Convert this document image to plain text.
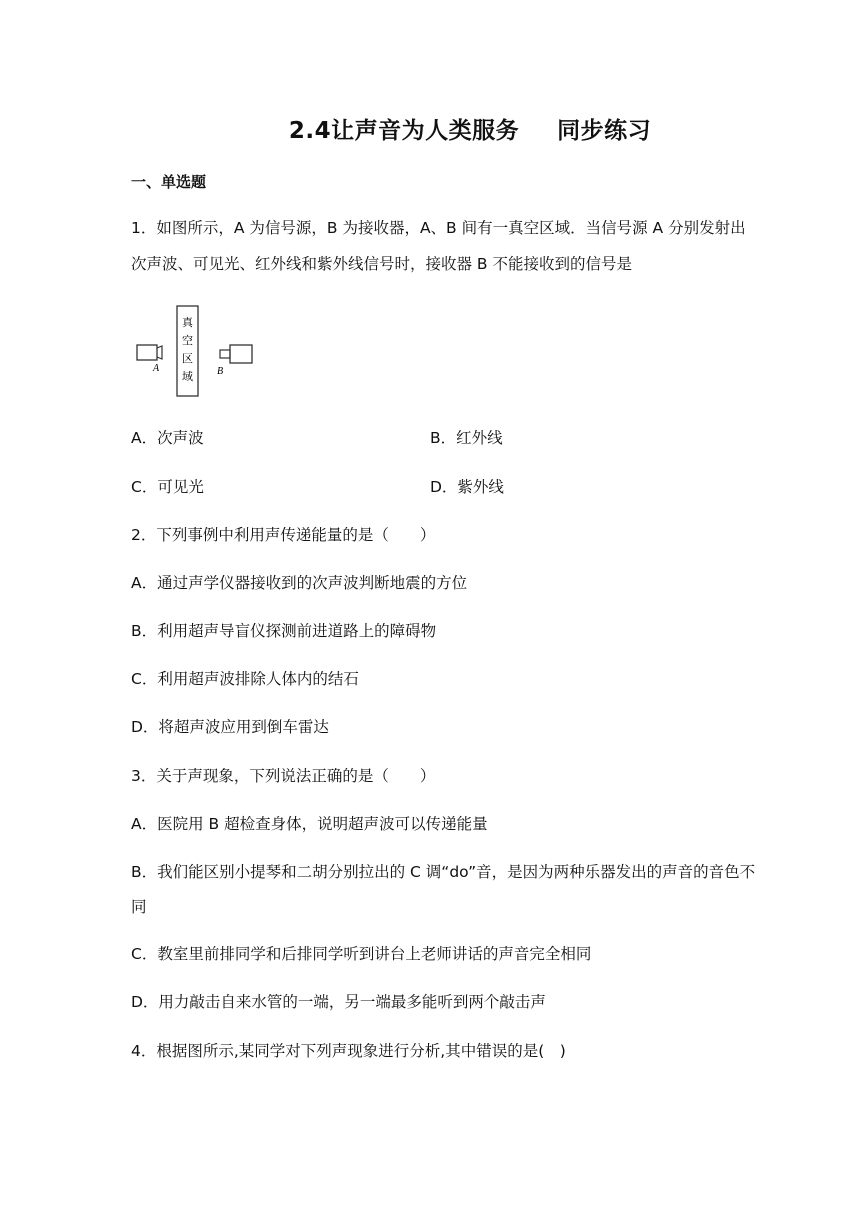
2.4让声音为人类服务 同步练习
一、单选题
1．如图所示，A 为信号源，B 为接收器，A、B 间有一真空区域．当信号源 A 分别发射出
次声波、可见光、红外线和紫外线信号时，接收器 B 不能接收到的信号是
A
真
空
区
域 B
A．次声波	B．红外线
C．可见光	D．紫外线
2．下列事例中利用声传递能量的是（　　）
A．通过声学仪器接收到的次声波判断地震的方位
B．利用超声导盲仪探测前进道路上的障碍物
C．利用超声波排除人体内的结石
D．将超声波应用到倒车雷达
3．关于声现象，下列说法正确的是（　　）
A．医院用 B 超检查身体，说明超声波可以传递能量
B．我们能区别小提琴和二胡分别拉出的 C 调“do”音，是因为两种乐器发出的声音的音色不
同
C．教室里前排同学和后排同学听到讲台上老师讲话的声音完全相同
D．用力敲击自来水管的一端，另一端最多能听到两个敲击声
4．根据图所示,某同学对下列声现象进行分析,其中错误的是(　)
